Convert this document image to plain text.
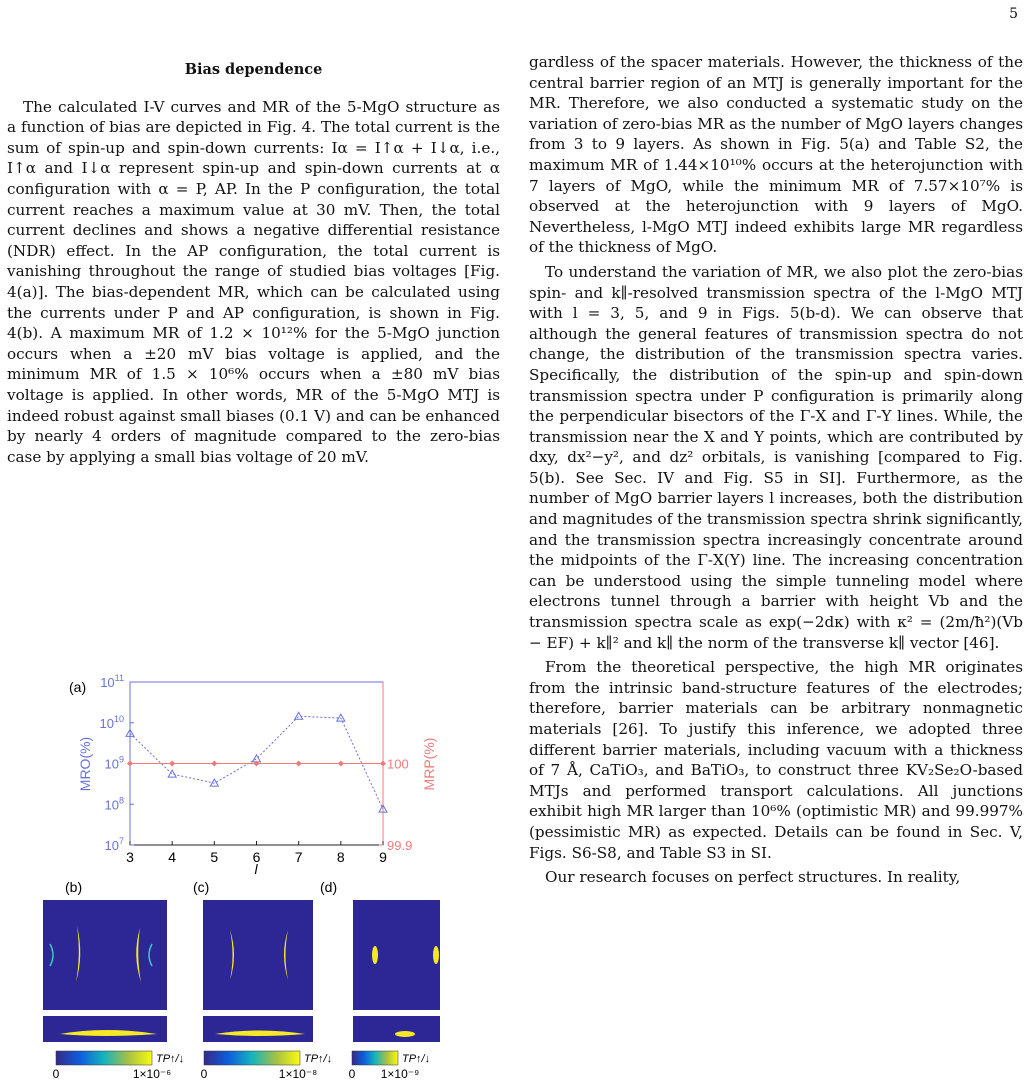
5
Bias dependence

The calculated I-V curves and MR of the 5-MgO structure as a function of bias are depicted in Fig. 4. The total current is the sum of spin-up and spin-down currents: Iα = I↑α + I↓α, i.e., I↑α and I↓α represent spin-up and spin-down currents at α configuration with α = P, AP. In the P configuration, the total current reaches a maximum value at 30 mV. Then, the total current declines and shows a negative differential resistance (NDR) effect. In the AP configuration, the total current is vanishing throughout the range of studied bias voltages [Fig. 4(a)]. The bias-dependent MR, which can be calculated using the currents under P and AP configuration, is shown in Fig. 4(b). A maximum MR of 1.2 × 10¹²% for the 5-MgO junction occurs when a ±20 mV bias voltage is applied, and the minimum MR of 1.5 × 10⁶% occurs when a ±80 mV bias voltage is applied. In other words, MR of the 5-MgO MTJ is indeed robust against small biases (0.1 V) and can be enhanced by nearly 4 orders of magnitude compared to the zero-bias case by applying a small bias voltage of 20 mV.

gardless of the spacer materials. However, the thickness of the central barrier region of an MTJ is generally important for the MR. Therefore, we also conducted a systematic study on the variation of zero-bias MR as the number of MgO layers changes from 3 to 9 layers. As shown in Fig. 5(a) and Table S2, the maximum MR of 1.44×10¹⁰% occurs at the heterojunction with 7 layers of MgO, while the minimum MR of 7.57×10⁷% is observed at the heterojunction with 9 layers of MgO. Nevertheless, l-MgO MTJ indeed exhibits large MR regardless of the thickness of MgO.

To understand the variation of MR, we also plot the zero-bias spin- and k∥-resolved transmission spectra of the l-MgO MTJ with l = 3, 5, and 9 in Figs. 5(b-d). We can observe that although the general features of transmission spectra do not change, the distribution of the transmission spectra varies. Specifically, the distribution of the spin-up and spin-down transmission spectra under P configuration is primarily along the perpendicular bisectors of the Γ-X and Γ-Y lines. While, the transmission near the X and Y points, which are contributed by dxy, dx²−y², and dz² orbitals, is vanishing [compared to Fig. 5(b). See Sec. IV and Fig. S5 in SI]. Furthermore, as the number of MgO barrier layers l increases, both the distribution and magnitudes of the transmission spectra shrink significantly, and the transmission spectra increasingly concentrate around the midpoints of the Γ-X(Y) line. The increasing concentration can be understood using the simple tunneling model where electrons tunnel through a barrier with height Vb and the transmission spectra scale as exp(−2dκ) with κ² = (2m/ħ²)(Vb − EF) + k∥² and k∥ the norm of the transverse k∥ vector [46].

From the theoretical perspective, the high MR originates from the intrinsic band-structure features of the electrodes; therefore, barrier materials can be arbitrary nonmagnetic materials [26]. To justify this inference, we adopted three different barrier materials, including vacuum with a thickness of 7 Å, CaTiO₃, and BaTiO₃, to construct three KV₂Se₂O-based MTJs and performed transport calculations. All junctions exhibit high MR larger than 10⁶% (optimistic MR) and 99.997% (pessimistic MR) as expected. Details can be found in Sec. V, Figs. S6-S8, and Table S3 in SI.

Our research focuses on perfect structures. In reality,

(a)
3 4 5 6 7 8 9
$10^7$
$10^8$
$10^9$
$10^{10}$
$10^{11}$
99.9
100
l
MRO(%)	MRP(%)
(b)	(c)	(d)
0	1×10⁻⁶
TP↑/↓
0	1×10⁻⁸
TP↑/↓
0 1×10⁻⁹
TP↑/↓
